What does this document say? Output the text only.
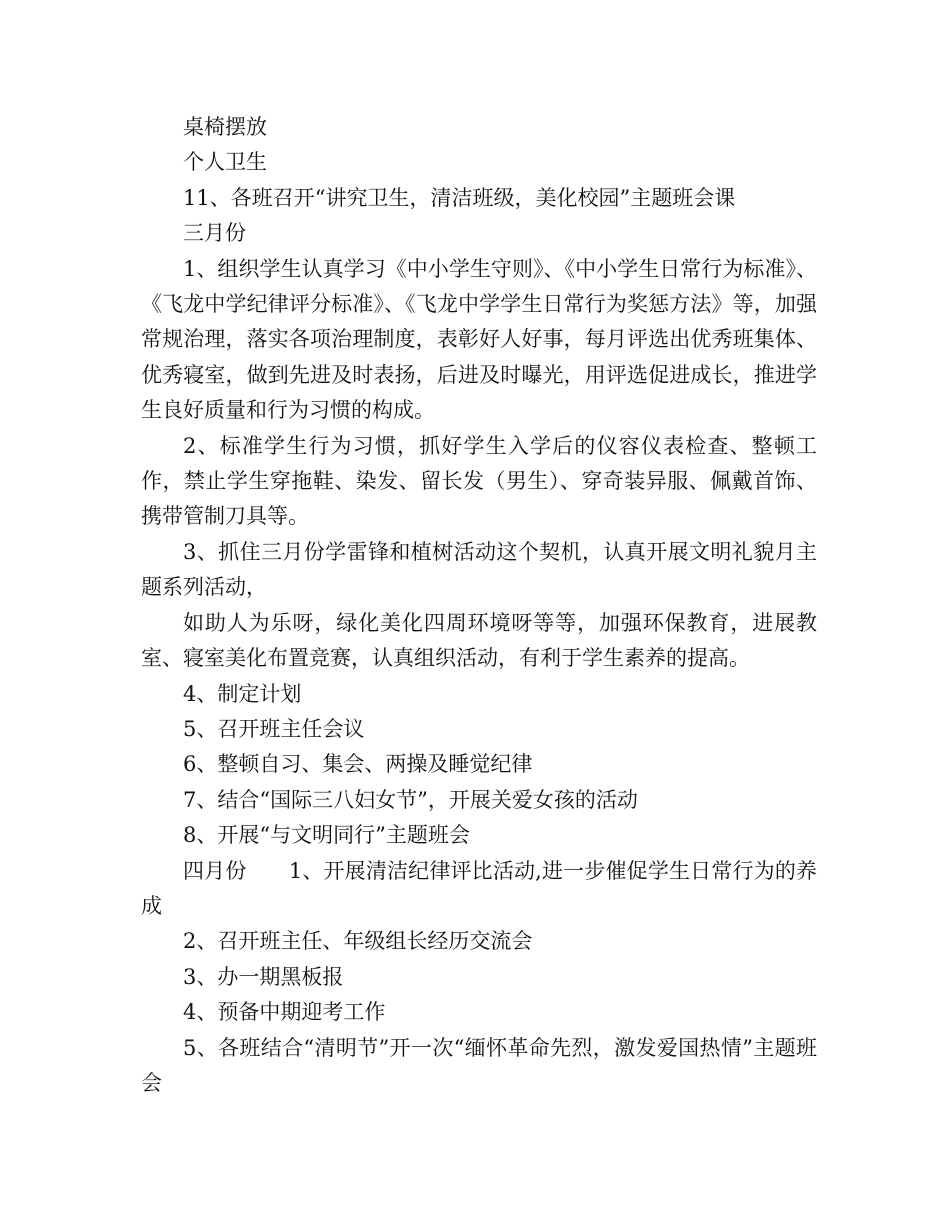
桌椅摆放

个人卫生

11、各班召开“讲究卫生，清洁班级，美化校园”主题班会课

三月份

1、组织学生认真学习《中小学生守则》、《中小学生日常行为标准》、《飞龙中学纪律评分标准》、《飞龙中学学生日常行为奖惩方法》等，加强常规治理，落实各项治理制度，表彰好人好事，每月评选出优秀班集体、优秀寝室，做到先进及时表扬，后进及时曝光，用评选促进成长，推进学生良好质量和行为习惯的构成。

2、标准学生行为习惯，抓好学生入学后的仪容仪表检查、整顿工作，禁止学生穿拖鞋、染发、留长发（男生）、穿奇装异服、佩戴首饰、携带管制刀具等。

3、抓住三月份学雷锋和植树活动这个契机，认真开展文明礼貌月主题系列活动，

如助人为乐呀，绿化美化四周环境呀等等，加强环保教育，进展教室、寝室美化布置竞赛，认真组织活动，有利于学生素养的提高。

4、制定计划

5、召开班主任会议

6、整顿自习、集会、两操及睡觉纪律

7、结合“国际三八妇女节”，开展关爱女孩的活动

8、开展“与文明同行”主题班会

四月份　　1、开展清洁纪律评比活动,进一步催促学生日常行为的养成

2、召开班主任、年级组长经历交流会

3、办一期黑板报

4、预备中期迎考工作

5、各班结合“清明节”开一次“缅怀革命先烈，激发爱国热情”主题班会
